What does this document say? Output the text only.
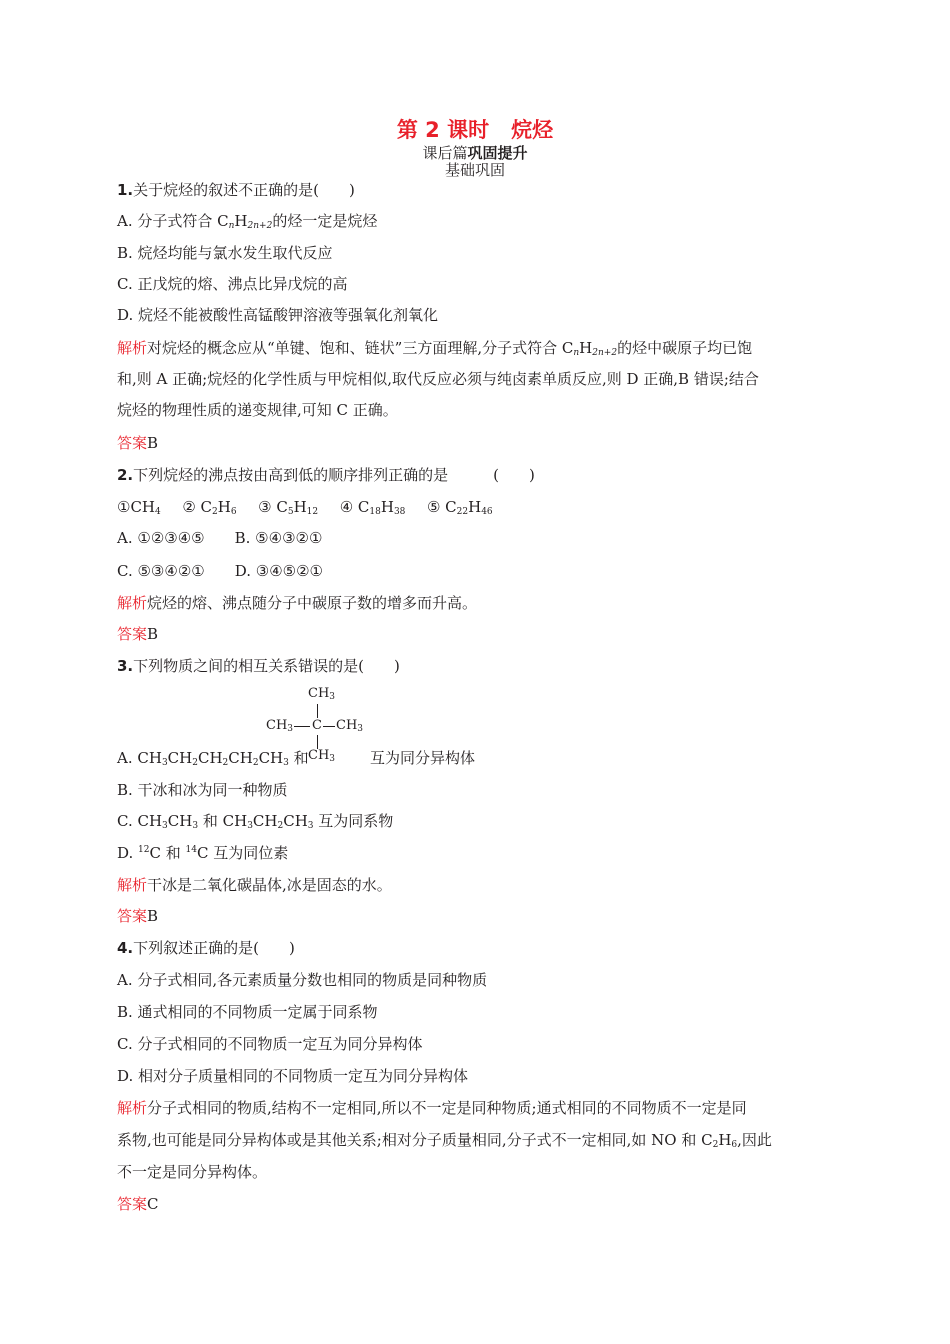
第 2 课时 烷烃
课后篇巩固提升
基础巩固
1.关于烷烃的叙述不正确的是(　　)
A. 分子式符合 $C_nH_{2n+2}$的烃一定是烷烃
B. 烷烃均能与氯水发生取代反应
C. 正戊烷的熔、沸点比异戊烷的高
D. 烷烃不能被酸性高锰酸钾溶液等强氧化剂氧化
解析对烷烃的概念应从“单键、饱和、链状”三方面理解,分子式符合 $C_nH_{2n+2}$的烃中碳原子均已饱
和,则 A 正确;烷烃的化学性质与甲烷相似,取代反应必须与纯卤素单质反应,则 D 正确,B 错误;结合
烷烃的物理性质的递变规律,可知 C 正确。
答案B
2.下列烷烃的沸点按由高到低的顺序排列正确的是　　　(　　)
$①CH_4$ ② $C_2H_6$ ③ $C_5H_{12}$ ④ $C_{18}H_{38}$ ⑤ $C_{22}H_{46}$
A. ①②③④⑤ B. ⑤④③②①
C. ⑤③④②① D. ③④⑤②①
解析烷烃的熔、沸点随分子中碳原子数的增多而升高。
答案B
3.下列物质之间的相互关系错误的是(　　)
$CH_3$
$CH_3$ C $CH_3$
$CH_3$
A. $CH_3CH_2CH_2CH_2CH_3$ 和	互为同分异构体
B. 干冰和冰为同一种物质
C. $CH_3CH_3$ 和 $CH_3CH_2CH_3$ 互为同系物
D. $^{12}$C 和 $^{14}$C 互为同位素
解析干冰是二氧化碳晶体,冰是固态的水。
答案B
4.下列叙述正确的是(　　)
A. 分子式相同,各元素质量分数也相同的物质是同种物质
B. 通式相同的不同物质一定属于同系物
C. 分子式相同的不同物质一定互为同分异构体
D. 相对分子质量相同的不同物质一定互为同分异构体
解析分子式相同的物质,结构不一定相同,所以不一定是同种物质;通式相同的不同物质不一定是同
系物,也可能是同分异构体或是其他关系;相对分子质量相同,分子式不一定相同,如 NO 和 $C_2H_6$,因此
不一定是同分异构体。
答案C
